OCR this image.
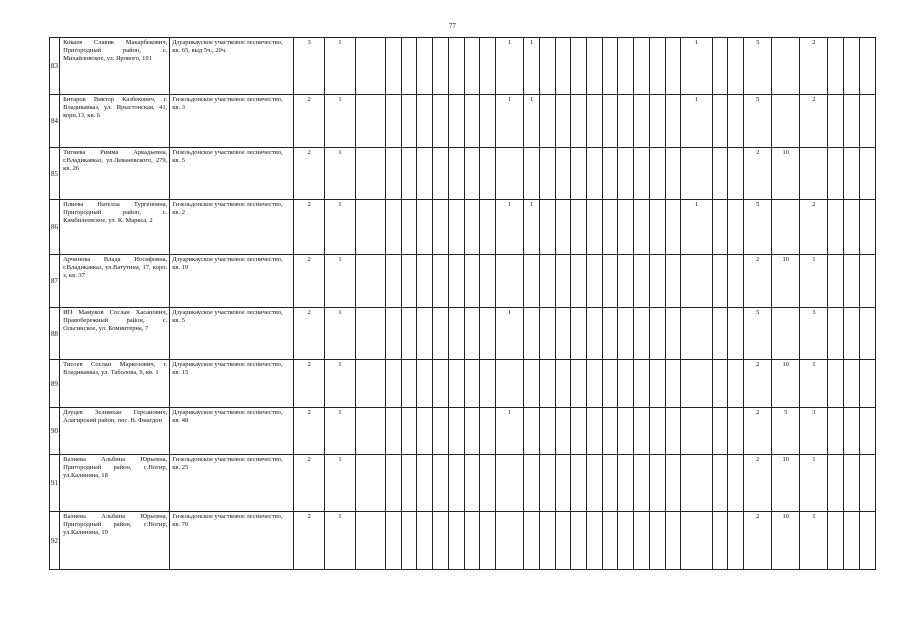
77
83	Кокаев Славик Макарбекович, Пригородный район, с. Михайловское, ул. Ярового, 191	Дзуарикауское участковое лесничество, кв. 65, выд 5ч., 20ч.	3	1									1	1										1			5		2			
84	Битаров Виктор Казбекович, г. Владикавказ, ул. Ирыстонская, 41, корп.13, кв. 6	Гизельдонское участковое лесничество, кв. 3	2	1									1	1										1			5		2			
85	Тигиева Римма Аркадьевна, г.Владикавказ, ул.Леваневского, 279, кв. 26	Гизельдонское участковое лесничество, кв. 5	2	1																							2	10				
86	Плиева Нателла Тургеновна, Пригородный район, с. Камбилеевское, ул. К. Маркса, 2	Гизельдонское участковое лесничество, кв. 2	2	1									1	1										1			5		2			
87	Арчинова Влада Иосифовна, г.Владикавказ, ул.Ватутина, 17, корп. з, кв. 37	Дзуарикауское участковое лесничество, кв. 19	2	1																							2	10	1			
88	ИП Мамуков Сослан Хасанович, Правобережный район, с. Ольгинское, ул. Коминтерна, 7	Дзуарикауское участковое лесничество, кв. 5	2	1									1														5		3			
89	Тисоев Сослан Маркоэович, г. Владикавказ, ул. Таболова, 9, кв. 1	Дзуарикауское участковое лесничество, кв. 15	2	1																							2	10	1			
90	Дзуцев Зелимхан Герсанович, Алагирский район, пос. В. Фиагдон	Дзуарикауское участковое лесничество, кв. 48	2	1									1														2	5	3			
91	Валиева Альбина Юрьевна, Пригородный район, с.Ногир, ул.Калинина, 18	Гизельдонское участковое лесничество, кв. 25	2	1																							2	10	1			
92	Валиева Альбина Юрьевна, Пригородный район, с.Ногир, ул.Калинина, 19	Гизельдонское участковое лесничество, кв. 70	2	1																							2	10	1			
